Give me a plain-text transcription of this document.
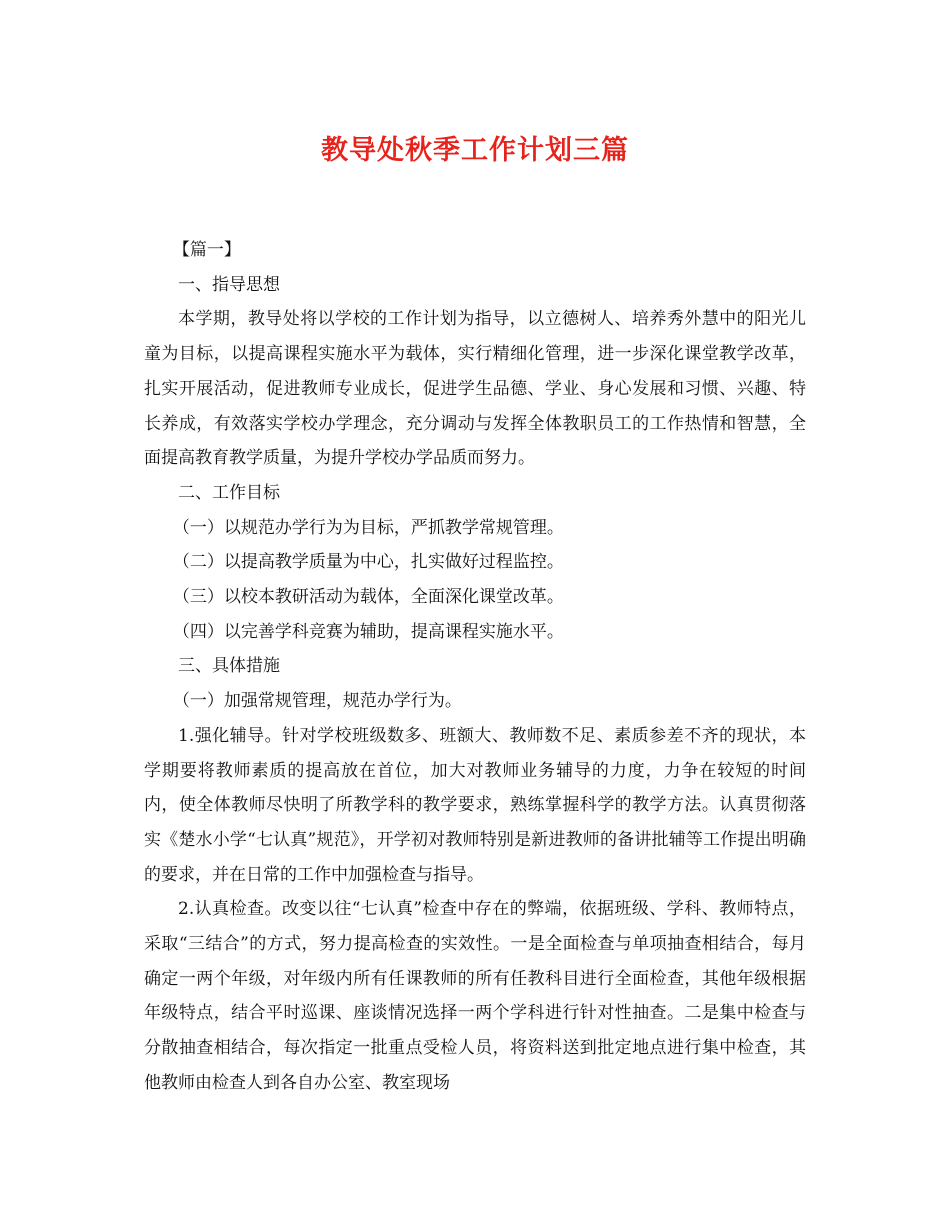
教导处秋季工作计划三篇

【篇一】

一、指导思想

本学期，教导处将以学校的工作计划为指导，以立德树人、培养秀外慧中的阳光儿童为目标，以提高课程实施水平为载体，实行精细化管理，进一步深化课堂教学改革，扎实开展活动，促进教师专业成长，促进学生品德、学业、身心发展和习惯、兴趣、特长养成，有效落实学校办学理念，充分调动与发挥全体教职员工的工作热情和智慧，全面提高教育教学质量，为提升学校办学品质而努力。

二、工作目标

（一）以规范办学行为为目标，严抓教学常规管理。

（二）以提高教学质量为中心，扎实做好过程监控。

（三）以校本教研活动为载体，全面深化课堂改革。

（四）以完善学科竞赛为辅助，提高课程实施水平。

三、具体措施

（一）加强常规管理，规范办学行为。

1.强化辅导。针对学校班级数多、班额大、教师数不足、素质参差不齐的现状，本学期要将教师素质的提高放在首位，加大对教师业务辅导的力度，力争在较短的时间内，使全体教师尽快明了所教学科的教学要求，熟练掌握科学的教学方法。认真贯彻落实《楚水小学“七认真”规范》，开学初对教师特别是新进教师的备讲批辅等工作提出明确的要求，并在日常的工作中加强检查与指导。

2.认真检查。改变以往“七认真”检查中存在的弊端，依据班级、学科、教师特点，采取“三结合”的方式，努力提高检查的实效性。一是全面检查与单项抽查相结合，每月确定一两个年级，对年级内所有任课教师的所有任教科目进行全面检查，其他年级根据年级特点，结合平时巡课、座谈情况选择一两个学科进行针对性抽查。二是集中检查与分散抽查相结合，每次指定一批重点受检人员，将资料送到批定地点进行集中检查，其他教师由检查人到各自办公室、教室现场
